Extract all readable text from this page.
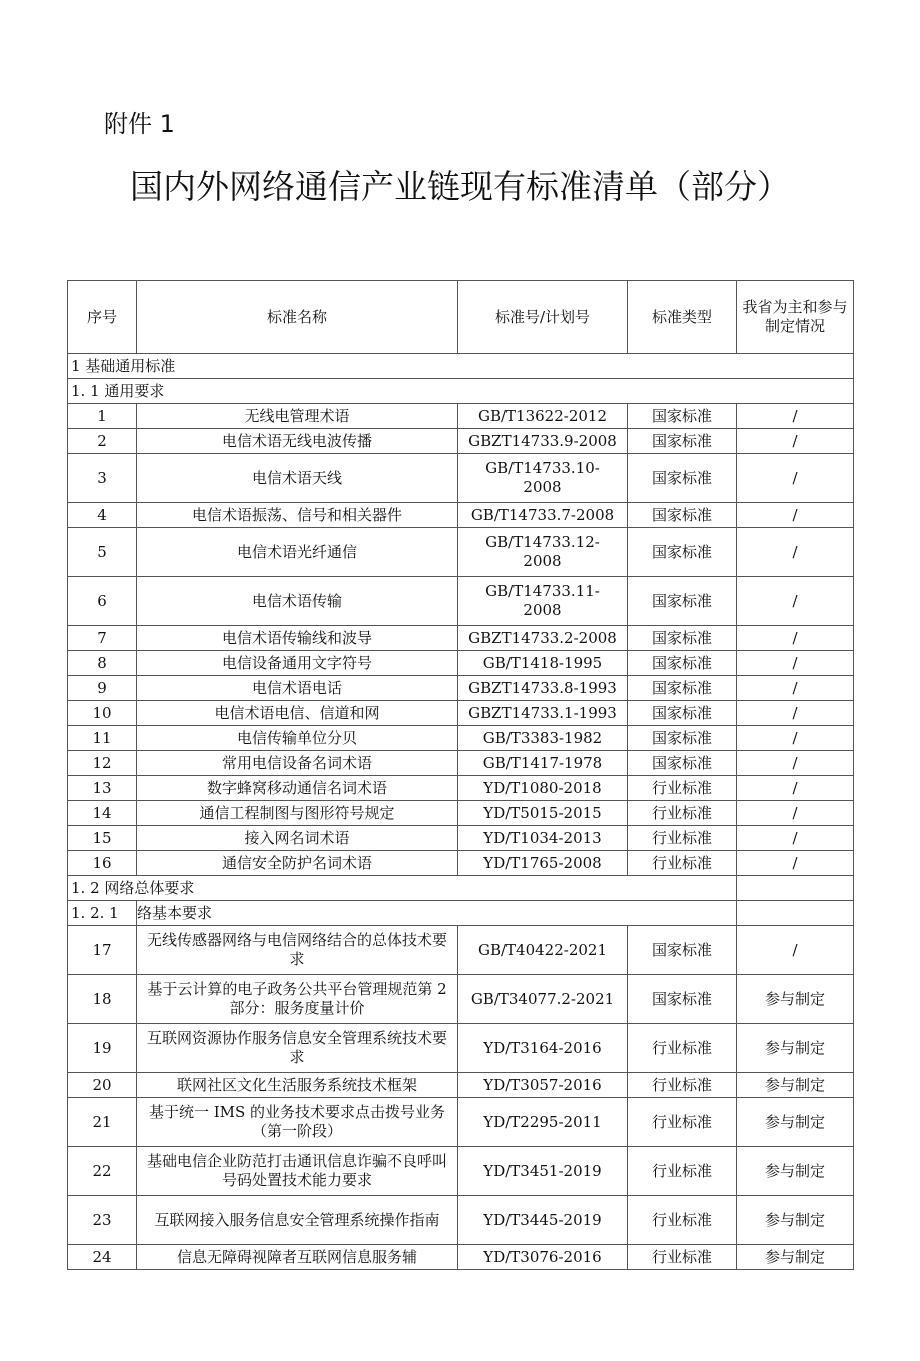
附件 1
国内外网络通信产业链现有标准清单（部分）
序号	标准名称	标准号/计划号	标准类型	我省为主和参与制定情况
1 基础通用标准				
1. 1 通用要求				
1	无线电管理术语	GB/T13622-2012	国家标准	/
2	电信术语无线电波传播	GBZT14733.9-2008	国家标准	/
3	电信术语天线	GB/T14733.10-2008	国家标准	/
4	电信术语振荡、信号和相关器件	GB/T14733.7-2008	国家标准	/
5	电信术语光纤通信	GB/T14733.12-2008	国家标准	/
6	电信术语传输	GB/T14733.11-2008	国家标准	/
7	电信术语传输线和波导	GBZT14733.2-2008	国家标准	/
8	电信设备通用文字符号	GB/T1418-1995	国家标准	/
9	电信术语电话	GBZT14733.8-1993	国家标准	/
10	电信术语电信、信道和网	GBZT14733.1-1993	国家标准	/
11	电信传输单位分贝	GB/T3383-1982	国家标准	/
12	常用电信设备名词术语	GB/T1417-1978	国家标准	/
13	数字蜂窝移动通信名词术语	YD/T1080-2018	行业标准	/
14	通信工程制图与图形符号规定	YD/T5015-2015	行业标准	/
15	接入网名词术语	YD/T1034-2013	行业标准	/
16	通信安全防护名词术语	YD/T1765-2008	行业标准	/
1. 2 网络总体要求				
1. 2. 1	络基本要求			
17	无线传感器网络与电信网络结合的总体技术要求	GB/T40422-2021	国家标准	/
18	基于云计算的电子政务公共平台管理规范第 2 部分：服务度量计价	GB/T34077.2-2021	国家标准	参与制定
19	互联网资源协作服务信息安全管理系统技术要求	YD/T3164-2016	行业标准	参与制定
20	联网社区文化生活服务系统技术框架	YD/T3057-2016	行业标准	参与制定
21	基于统一 IMS 的业务技术要求点击拨号业务（第一阶段）	YD/T2295-2011	行业标准	参与制定
22	基础电信企业防范打击通讯信息诈骗不良呼叫号码处置技术能力要求	YD/T3451-2019	行业标准	参与制定
23	互联网接入服务信息安全管理系统操作指南	YD/T3445-2019	行业标准	参与制定
24	信息无障碍视障者互联网信息服务辅	YD/T3076-2016	行业标准	参与制定
